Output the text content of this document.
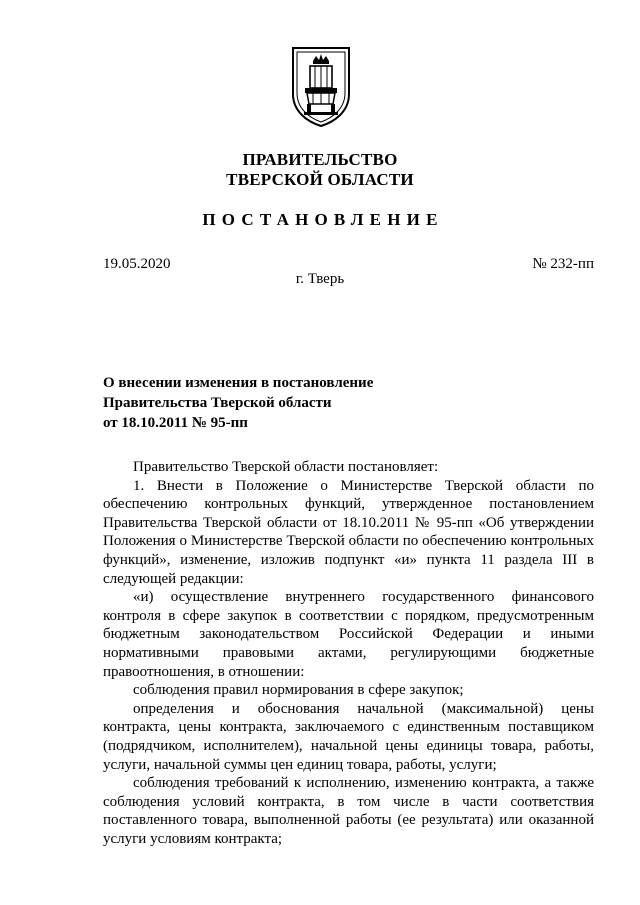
ПРАВИТЕЛЬСТВО
ТВЕРСКОЙ ОБЛАСТИ
ПОСТАНОВЛЕНИЕ
19.05.2020	№ 232-пп
г. Тверь
О внесении изменения в постановление
Правительства Тверской области
от 18.10.2011 № 95-пп

Правительство Тверской области постановляет:

1. Внести в Положение о Министерстве Тверской области по обеспечению контрольных функций, утвержденное постановлением Правительства Тверской области от 18.10.2011 № 95-пп «Об утверждении Положения о Министерстве Тверской области по обеспечению контрольных функций», изменение, изложив подпункт «и» пункта 11 раздела III в следующей редакции:

«и) осуществление внутреннего государственного финансового контроля в сфере закупок в соответствии с порядком, предусмотренным бюджетным законодательством Российской Федерации и иными нормативными правовыми актами, регулирующими бюджетные правоотношения, в отношении:

соблюдения правил нормирования в сфере закупок;

определения и обоснования начальной (максимальной) цены контракта, цены контракта, заключаемого с единственным поставщиком (подрядчиком, исполнителем), начальной цены единицы товара, работы, услуги, начальной суммы цен единиц товара, работы, услуги;

соблюдения требований к исполнению, изменению контракта, а также соблюдения условий контракта, в том числе в части соответствия поставленного товара, выполненной работы (ее результата) или оказанной услуги условиям контракта;
